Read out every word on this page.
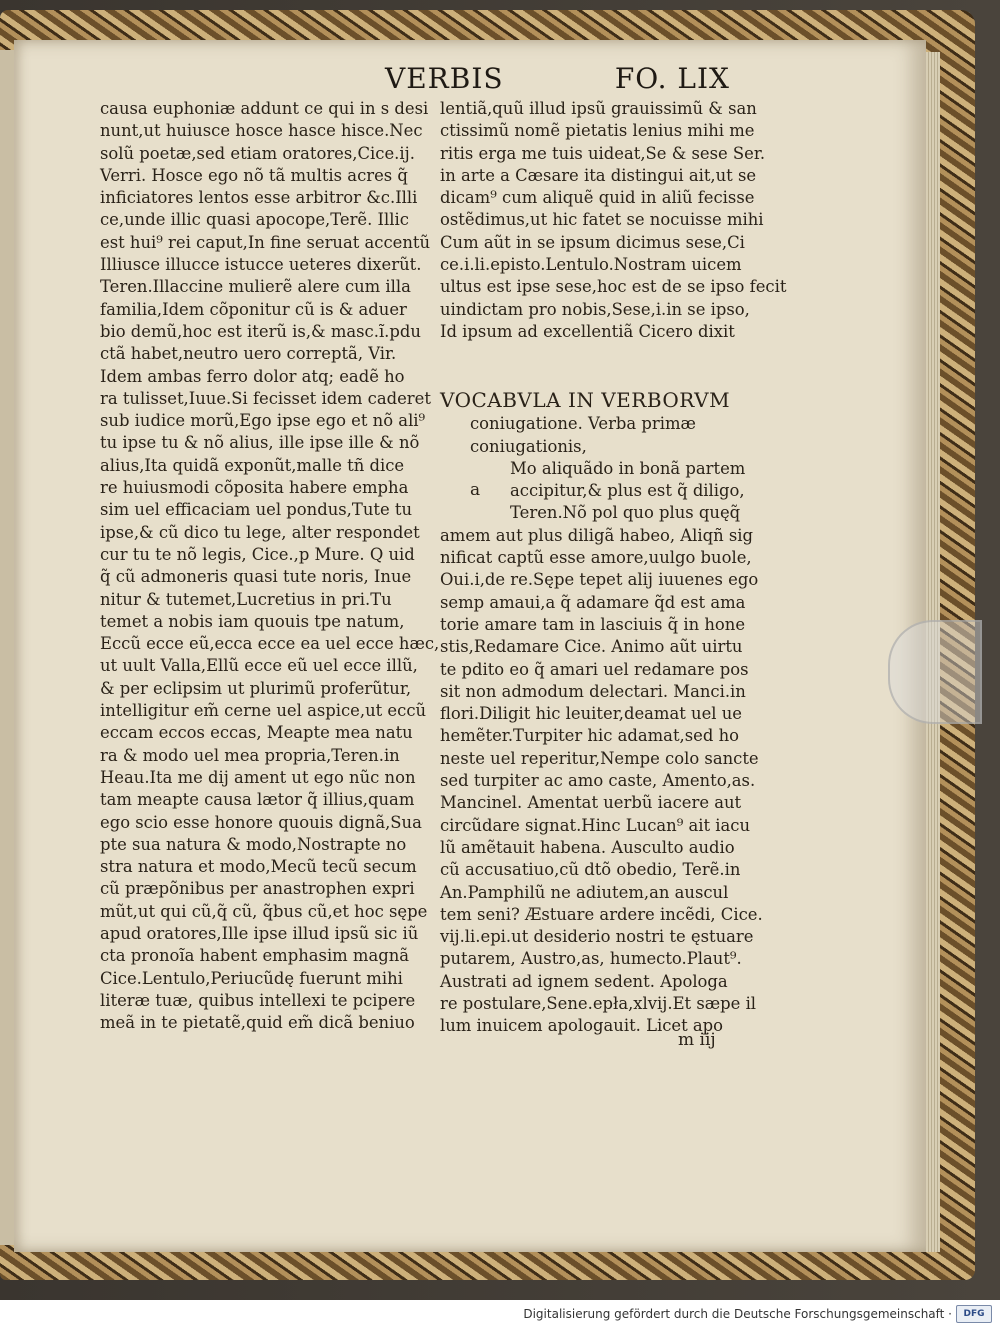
VERBIS	FO. LIX
causa euphoniæ addunt ce qui in s desi
nunt,ut huiusce hosce hasce hisce.Nec
solũ poetæ,sed etiam oratores,Cice.ij.
Verri. Hosce ego nõ tã multis acres q̃
inficiatores lentos esse arbitror &c.Illi
ce,unde illic quasi apocope,Terẽ. Illic
est hui⁹ rei caput,In fine seruat accentũ
Illiusce illucce istucce ueteres dixerũt.
Teren.Illaccine mulierẽ alere cum illa
familia,Idem cõponitur cũ is & aduer
bio demũ,hoc est iterũ is,& masc.ĩ.pdu
ctã habet,neutro uero correptã, Vir.
Idem ambas ferro dolor atq; eadẽ ho
ra tulisset,Iuue.Si fecisset idem caderet
sub iudice morũ,Ego ipse ego et nõ ali⁹
tu ipse tu & nõ alius, ille ipse ille & nõ
alius,Ita quidã exponũt,malle tñ dice
re huiusmodi cõposita habere empha
sim uel efficaciam uel pondus,Tute tu
ipse,& cũ dico tu lege, alter respondet
cur tu te nõ legis, Cice.,p Mure. Q uid
q̃ cũ admoneris quasi tute noris, Inue
nitur & tutemet,Lucretius in pri.Tu
temet a nobis iam quouis tpe natum,
Eccũ ecce eũ,ecca ecce ea uel ecce hæc,
ut uult Valla,Ellũ ecce eũ uel ecce illũ,
& per eclipsim ut plurimũ proferũtur,
intelligitur em̃ cerne uel aspice,ut eccũ
eccam eccos eccas, Meapte mea natu
ra & modo uel mea propria,Teren.in
Heau.Ita me dij ament ut ego nũc non
tam meapte causa lætor q̃ illius,quam
ego scio esse honore quouis dignã,Sua
pte sua natura & modo,Nostrapte no
stra natura et modo,Mecũ tecũ secum
cũ præpõnibus per anastrophen expri
mũt,ut qui cũ,q̃ cũ, q̃bus cũ,et hoc sępe
apud oratores,Ille ipse illud ipsũ sic iũ
cta pronoĩa habent emphasim magnã
Cice.Lentulo,Periucũdę fuerunt mihi
literæ tuæ, quibus intellexi te pcipere
meã in te pietatẽ,quid em̃ dicã beniuo
lentiã,quũ illud ipsũ grauissimũ & san
ctissimũ nomẽ pietatis lenius mihi me
ritis erga me tuis uideat,Se & sese Ser.
in arte a Cæsare ita distingui ait,ut se
dicam⁹ cum aliquẽ quid in aliũ fecisse
ostẽdimus,ut hic fatet se nocuisse mihi
Cum aũt in se ipsum dicimus sese,Ci
ce.i.li.episto.Lentulo.Nostram uicem
ultus est ipse sese,hoc est de se ipso fecit
uindictam pro nobis,Sese,i.in se ipso,
Id ipsum ad excellentiã Cicero dixit
VOCABVLA IN VERBORVM
coniugatione. Verba primæ
coniugationis,
Mo aliquãdo in bonã partem
accipitur,& plus est q̃ diligo,
Teren.Nõ pol quo plus quęq̃
amem aut plus diligã habeo, Aliqñ sig
nificat captũ esse amore,uulgo buole,
Oui.i,de re.Sępe tepet alij iuuenes ego
semp amaui,a q̃ adamare q̃d est ama
torie amare tam in lasciuis q̃ in hone
stis,Redamare Cice. Animo aũt uirtu
te pdito eo q̃ amari uel redamare pos
sit non admodum delectari. Manci.in
flori.Diligit hic leuiter,deamat uel ue
hemẽter.Turpiter hic adamat,sed ho
neste uel reperitur,Nempe colo sancte
sed turpiter ac amo caste, Amento,as.
Mancinel. Amentat uerbũ iacere aut
circũdare signat.Hinc Lucan⁹ ait iacu
lũ amẽtauit habena. Ausculto audio
cũ accusatiuo,cũ dtõ obedio, Terẽ.in
An.Pamphilũ ne adiutem,an auscul
tem seni? Æstuare ardere incẽdi, Cice.
vij.li.epi.ut desiderio nostri te ęstuare
putarem, Austro,as, humecto.Plaut⁹.
Austrati ad ignem sedent. Apologa
re postulare,Sene.epła,xlvij.Et sæpe il
lum inuicem apologauit. Licet apo
a
m iij
Digitalisierung gefördert durch die Deutsche Forschungsgemeinschaft ·	DFG
